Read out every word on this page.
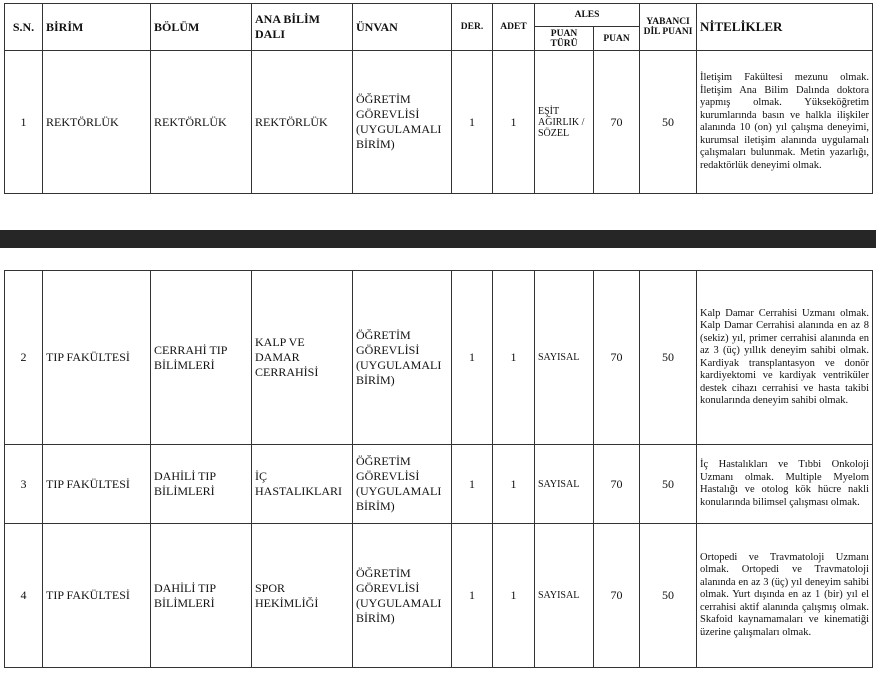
S.N.	BİRİM	BÖLÜM	ANA BİLİM DALI	ÜNVAN	DER.	ADET	ALES		YABANCI DİL PUANI	NİTELİKLER
							PUAN TÜRÜ	PUAN		
1	REKTÖRLÜK	REKTÖRLÜK	REKTÖRLÜK	ÖĞRETİM GÖREVLİSİ (UYGULAMALI BİRİM)	1	1	EŞİT AĞIRLIK / SÖZEL	70	50	İletişim Fakültesi mezunu olmak. İletişim Ana Bilim Dalında doktora yapmış olmak. Yükseköğretim kurumlarında basın ve halkla ilişkiler alanında 10 (on) yıl çalışma deneyimi, kurumsal iletişim alanında uygulamalı çalışmaları bulunmak. Metin yazarlığı, redaktörlük deneyimi olmak.
2	TIP FAKÜLTESİ	CERRAHİ TIP BİLİMLERİ	KALP VE DAMAR CERRAHİSİ	ÖĞRETİM GÖREVLİSİ (UYGULAMALI BİRİM)	1	1	SAYISAL	70	50	Kalp Damar Cerrahisi Uzmanı olmak. Kalp Damar Cerrahisi alanında en az 8 (sekiz) yıl, primer cerrahisi alanında en az 3 (üç) yıllık deneyim sahibi olmak. Kardiyak transplantasyon ve donör kardiyektomi ve kardiyak ventriküler destek cihazı cerrahisi ve hasta takibi konularında deneyim sahibi olmak.
3	TIP FAKÜLTESİ	DAHİLİ TIP BİLİMLERİ	İÇ HASTALIKLARI	ÖĞRETİM GÖREVLİSİ (UYGULAMALI BİRİM)	1	1	SAYISAL	70	50	İç Hastalıkları ve Tıbbi Onkoloji Uzmanı olmak. Multiple Myelom Hastalığı ve otolog kök hücre nakli konularında bilimsel çalışması olmak.
4	TIP FAKÜLTESİ	DAHİLİ TIP BİLİMLERİ	SPOR HEKİMLİĞİ	ÖĞRETİM GÖREVLİSİ (UYGULAMALI BİRİM)	1	1	SAYISAL	70	50	Ortopedi ve Travmatoloji Uzmanı olmak. Ortopedi ve Travmatoloji alanında en az 3 (üç) yıl deneyim sahibi olmak. Yurt dışında en az 1 (bir) yıl el cerrahisi aktif alanında çalışmış olmak. Skafoid kaynamamaları ve kinematiği üzerine çalışmaları olmak.
